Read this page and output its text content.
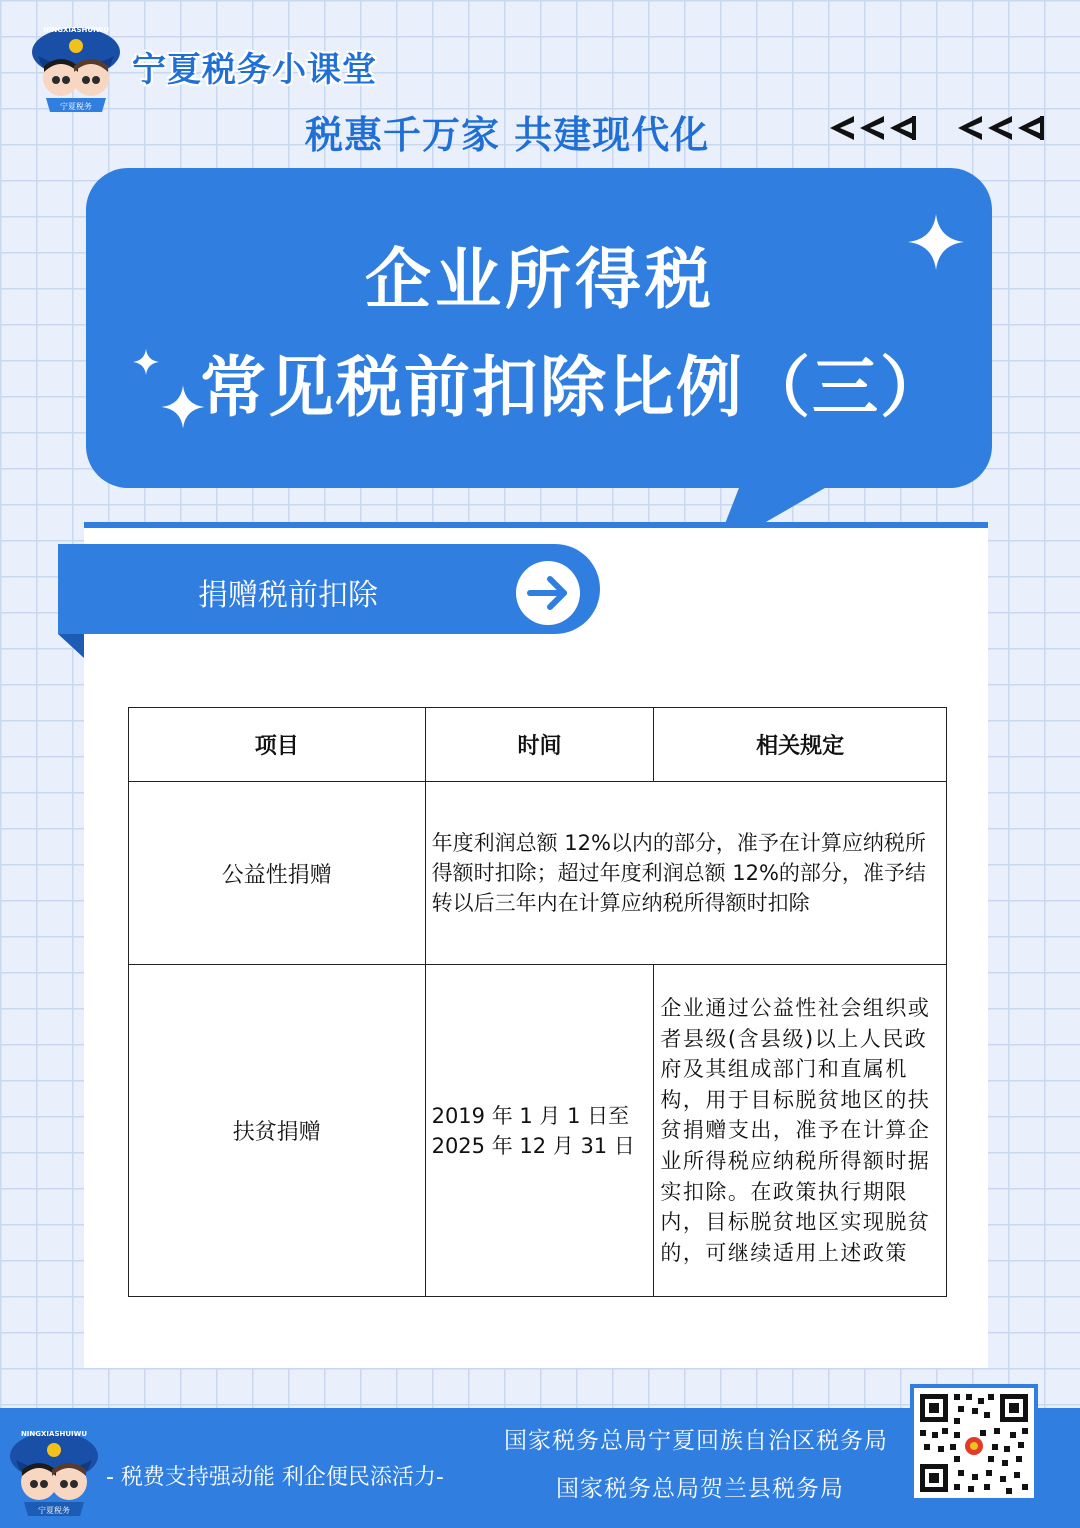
宁夏税务
NINGXIASHUIWU
宁夏税务小课堂
税惠千万家 共建现代化
企业所得税
常见税前扣除比例（三）
捐赠税前扣除
项目	时间	相关规定
公益性捐赠	年度利润总额 12%以内的部分，准予在计算应纳税所得额时扣除；超过年度利润总额 12%的部分，准予结转以后三年内在计算应纳税所得额时扣除	
扶贫捐赠	2019 年 1 月 1 日至 2025 年 12 月 31 日	企业通过公益性社会组织或者县级(含县级)以上人民政府及其组成部门和直属机构，用于目标脱贫地区的扶贫捐赠支出，准予在计算企业所得税应纳税所得额时据实扣除。在政策执行期限内，目标脱贫地区实现脱贫的，可继续适用上述政策
宁夏税务
NINGXIASHUIWU
- 税费支持强动能 利企便民添活力-
国家税务总局宁夏回族自治区税务局
国家税务总局贺兰县税务局
